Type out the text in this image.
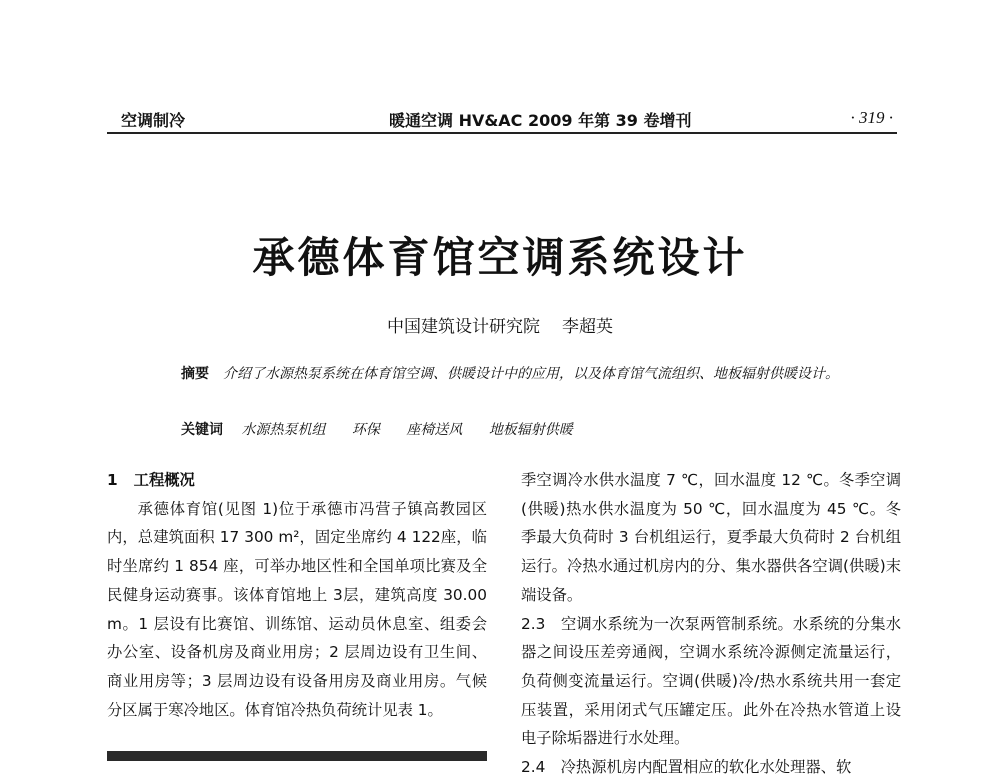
空调制冷	暖通空调 HV&AC 2009 年第 39 卷增刊	· 319 ·
承德体育馆空调系统设计
中国建筑设计研究院 李超英
摘要 介绍了水源热泵系统在体育馆空调、供暖设计中的应用，以及体育馆气流组织、地板辐射供暖设计。
关键词 水源热泵机组 环保 座椅送风 地板辐射供暖

1 工程概况

承德体育馆(见图 1)位于承德市冯营子镇高教园区内，总建筑面积 17 300 m²，固定坐席约 4 122座，临时坐席约 1 854 座，可举办地区性和全国单项比赛及全民健身运动赛事。该体育馆地上 3层，建筑高度 30.00 m。1 层设有比赛馆、训练馆、运动员休息室、组委会办公室、设备机房及商业用房；2 层周边设有卫生间、商业用房等；3 层周边设有设备用房及商业用房。气候分区属于寒冷地区。体育馆冷热负荷统计见表 1。

季空调冷水供水温度 7 ℃，回水温度 12 ℃。冬季空调(供暖)热水供水温度为 50 ℃，回水温度为 45 ℃。冬季最大负荷时 3 台机组运行，夏季最大负荷时 2 台机组运行。冷热水通过机房内的分、集水器供各空调(供暖)末端设备。

2.3　空调水系统为一次泵两管制系统。水系统的分集水器之间设压差旁通阀，空调水系统冷源侧定流量运行，负荷侧变流量运行。空调(供暖)冷/热水系统共用一套定压装置，采用闭式气压罐定压。此外在冷热水管道上设电子除垢器进行水处理。

2.4　冷热源机房内配置相应的软化水处理器、软
